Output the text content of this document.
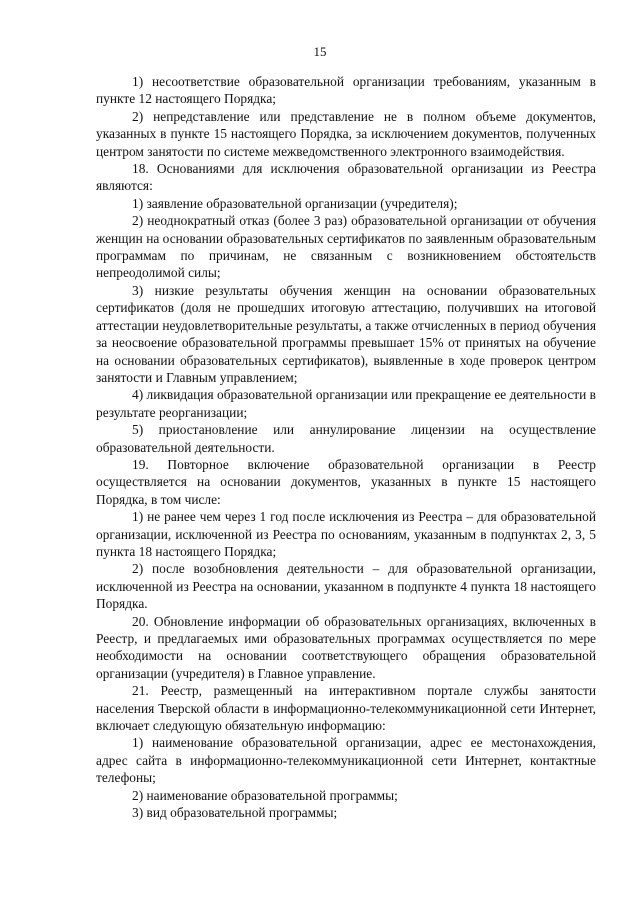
15

1) несоответствие образовательной организации требованиям, указанным в пункте 12 настоящего Порядка;

2) непредставление или представление не в полном объеме документов, указанных в пункте 15 настоящего Порядка, за исключением документов, полученных центром занятости по системе межведомственного электронного взаимодействия.

18. Основаниями для исключения образовательной организации из Реестра являются:

1) заявление образовательной организации (учредителя);

2) неоднократный отказ (более 3 раз) образовательной организации от обучения женщин на основании образовательных сертификатов по заявленным образовательным программам по причинам, не связанным с возникновением обстоятельств непреодолимой силы;

3) низкие результаты обучения женщин на основании образовательных сертификатов (доля не прошедших итоговую аттестацию, получивших на итоговой аттестации неудовлетворительные результаты, а также отчисленных в период обучения за неосвоение образовательной программы превышает 15% от принятых на обучение на основании образовательных сертификатов), выявленные в ходе проверок центром занятости и Главным управлением;

4) ликвидация образовательной организации или прекращение ее деятельности в результате реорганизации;

5) приостановление или аннулирование лицензии на осуществление образовательной деятельности.

19. Повторное включение образовательной организации в Реестр осуществляется на основании документов, указанных в пункте 15 настоящего Порядка, в том числе:

1) не ранее чем через 1 год после исключения из Реестра – для образовательной организации, исключенной из Реестра по основаниям, указанным в подпунктах 2, 3, 5 пункта 18 настоящего Порядка;

2) после возобновления деятельности – для образовательной организации, исключенной из Реестра на основании, указанном в подпункте 4 пункта 18 настоящего Порядка.

20. Обновление информации об образовательных организациях, включенных в Реестр, и предлагаемых ими образовательных программах осуществляется по мере необходимости на основании соответствующего обращения образовательной организации (учредителя) в Главное управление.

21. Реестр, размещенный на интерактивном портале службы занятости населения Тверской области в информационно-телекоммуникационной сети Интернет, включает следующую обязательную информацию:

1) наименование образовательной организации, адрес ее местонахождения, адрес сайта в информационно-телекоммуникационной сети Интернет, контактные телефоны;

2) наименование образовательной программы;

3) вид образовательной программы;
